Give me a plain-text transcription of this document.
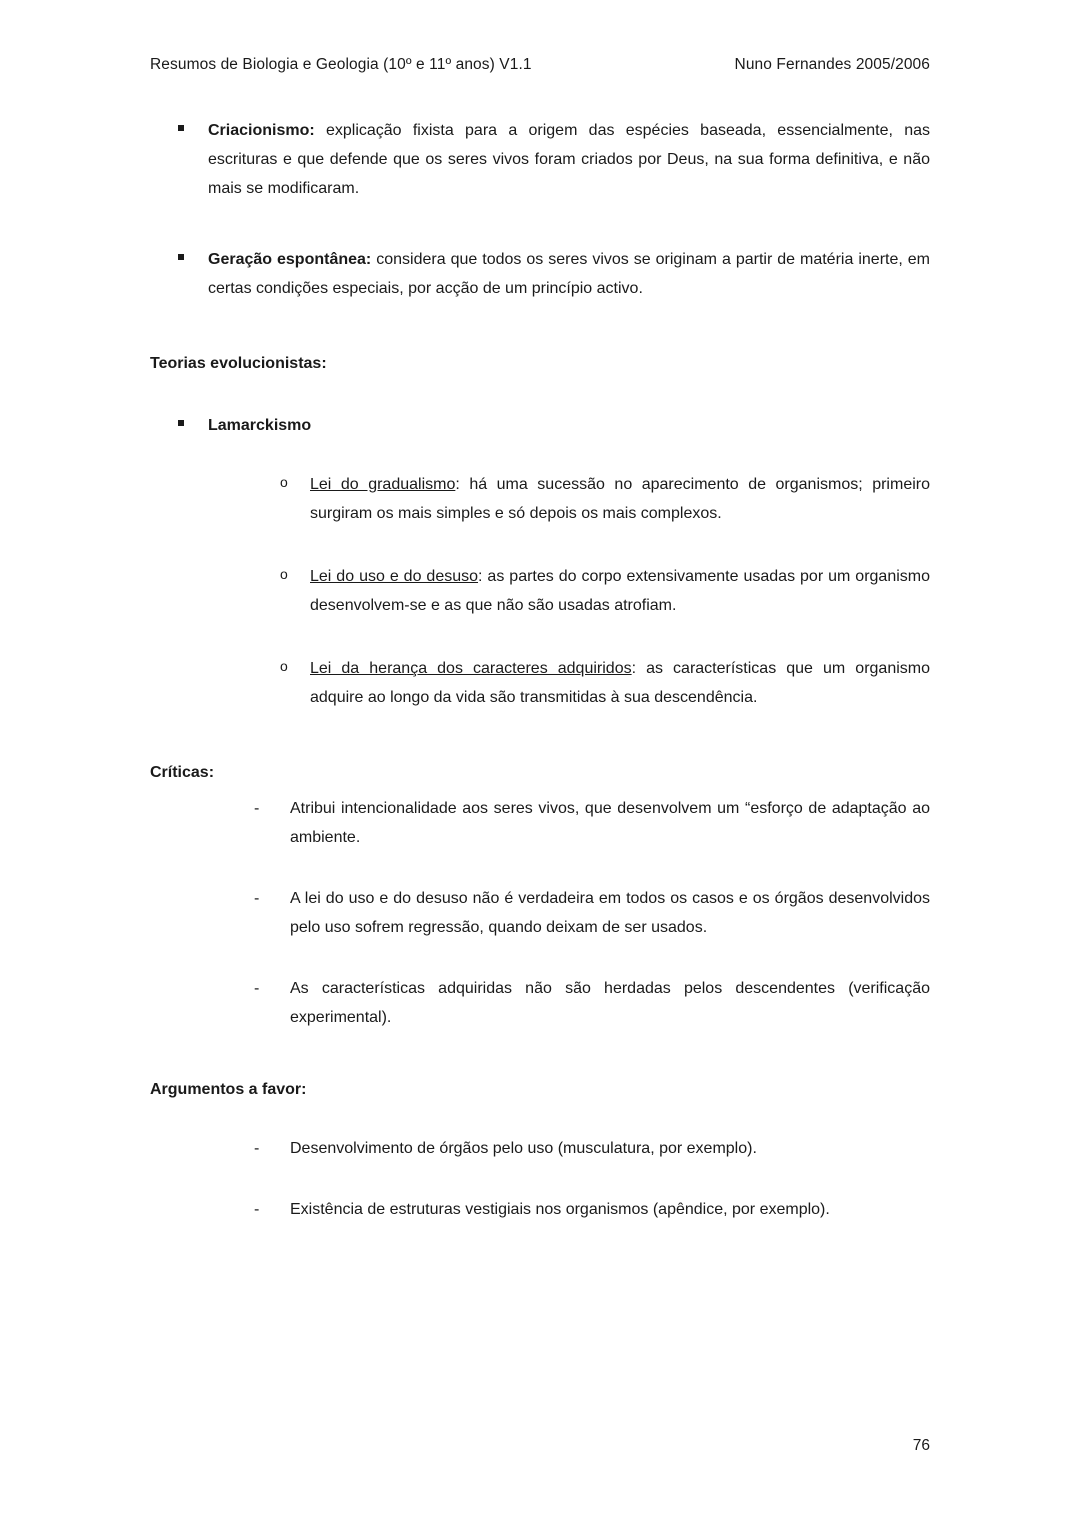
Resumos de Biologia e Geologia (10º e 11º anos) V1.1	Nuno Fernandes 2005/2006

Criacionismo: explicação fixista para a origem das espécies baseada, essencialmente, nas escrituras e que defende que os seres vivos foram criados por Deus, na sua forma definitiva, e não mais se modificaram.

Geração espontânea: considera que todos os seres vivos se originam a partir de matéria inerte, em certas condições especiais, por acção de um princípio activo.

Teorias evolucionistas:

Lamarckismo

o Lei do gradualismo: há uma sucessão no aparecimento de organismos; primeiro surgiram os mais simples e só depois os mais complexos.

o Lei do uso e do desuso: as partes do corpo extensivamente usadas por um organismo desenvolvem-se e as que não são usadas atrofiam.

o Lei da herança dos caracteres adquiridos: as características que um organismo adquire ao longo da vida são transmitidas à sua descendência.

Críticas:
- Atribui intencionalidade aos seres vivos, que desenvolvem um “esforço de adaptação ao ambiente.

- A lei do uso e do desuso não é verdadeira em todos os casos e os órgãos desenvolvidos pelo uso sofrem regressão, quando deixam de ser usados.

- As características adquiridas não são herdadas pelos descendentes (verificação experimental).

Argumentos a favor:
- Desenvolvimento de órgãos pelo uso (musculatura, por exemplo).

- Existência de estruturas vestigiais nos organismos (apêndice, por exemplo).

76
